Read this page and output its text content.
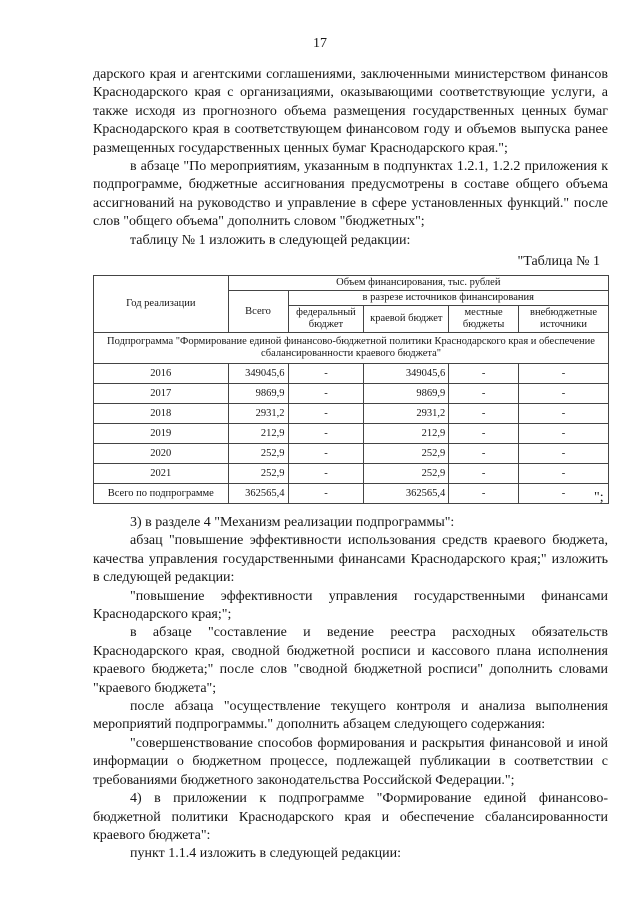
17
дарского края и агентскими соглашениями, заключенными министерством финансов Краснодарского края с организациями, оказывающими соответствующие услуги, а также исходя из прогнозного объема размещения государственных ценных бумаг Краснодарского края в соответствующем финансовом году и объемов выпуска ранее размещенных государственных ценных бумаг Краснодарского края.";
в абзаце "По мероприятиям, указанным в подпунктах 1.2.1, 1.2.2 приложения к подпрограмме, бюджетные ассигнования предусмотрены в составе общего объема ассигнований на руководство и управление в сфере установленных функций." после слов "общего объема" дополнить словом "бюджетных";
таблицу № 1 изложить в следующей редакции:
"Таблица № 1
Год реализации	Объем финансирования, тыс. рублей				
	Всего	в разрезе источников финансирования			
		федеральный бюджет	краевой бюджет	местные бюджеты	внебюджетные источники
Подпрограмма "Формирование единой финансово-бюджетной политики Краснодарского края и обеспечение сбалансированности краевого бюджета"					
2016	349045,6	-	349045,6	-	-
2017	9869,9	-	9869,9	-	-
2018	2931,2	-	2931,2	-	-
2019	212,9	-	212,9	-	-
2020	252,9	-	252,9	-	-
2021	252,9	-	252,9	-	-
Всего по подпрограмме	362565,4	-	362565,4	-	- ";
3) в разделе 4 "Механизм реализации подпрограммы":
абзац "повышение эффективности использования средств краевого бюджета, качества управления государственными финансами Краснодарского края;" изложить в следующей редакции:
"повышение эффективности управления государственными финансами Краснодарского края;";
в абзаце "составление и ведение реестра расходных обязательств Краснодарского края, сводной бюджетной росписи и кассового плана исполнения краевого бюджета;" после слов "сводной бюджетной росписи" дополнить словами "краевого бюджета";
после абзаца "осуществление текущего контроля и анализа выполнения мероприятий подпрограммы." дополнить абзацем следующего содержания:
"совершенствование способов формирования и раскрытия финансовой и иной информации о бюджетном процессе, подлежащей публикации в соответствии с требованиями бюджетного законодательства Российской Федерации.";
4) в приложении к подпрограмме "Формирование единой финансово-бюджетной политики Краснодарского края и обеспечение сбалансированности краевого бюджета":
пункт 1.1.4 изложить в следующей редакции:
